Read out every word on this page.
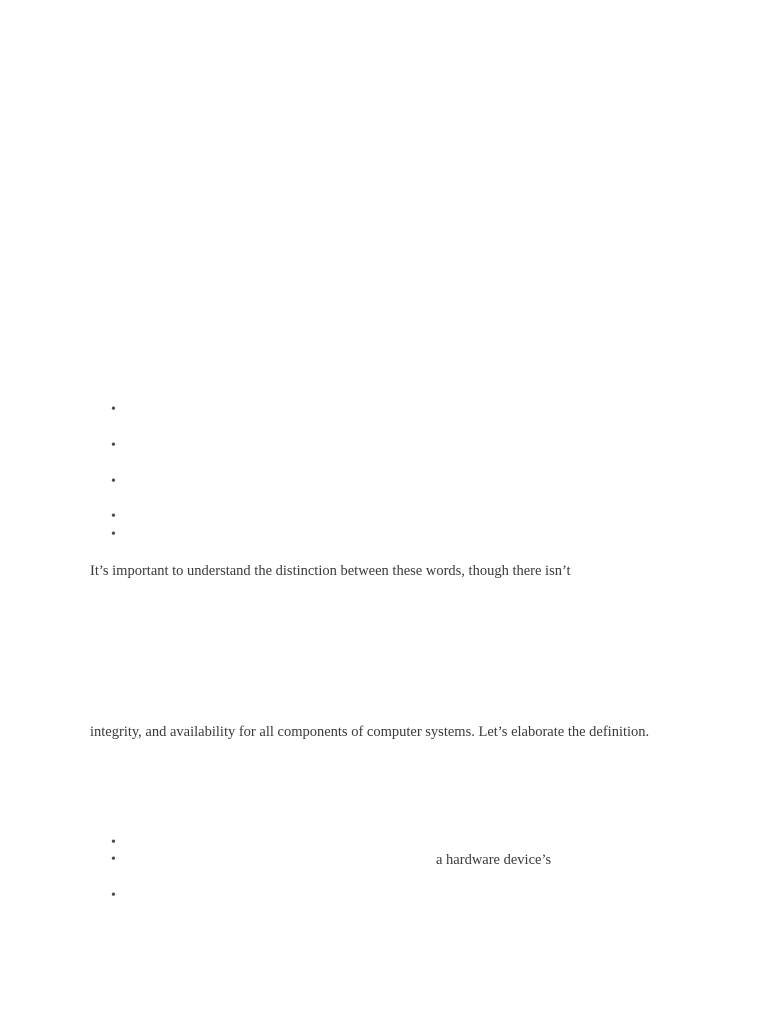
•
•
•
•
•

It’s important to understand the distinction between these words, though there isn’t

integrity, and availability for all components of computer systems. Let’s elaborate the definition.

•
•	a hardware device’s
•
